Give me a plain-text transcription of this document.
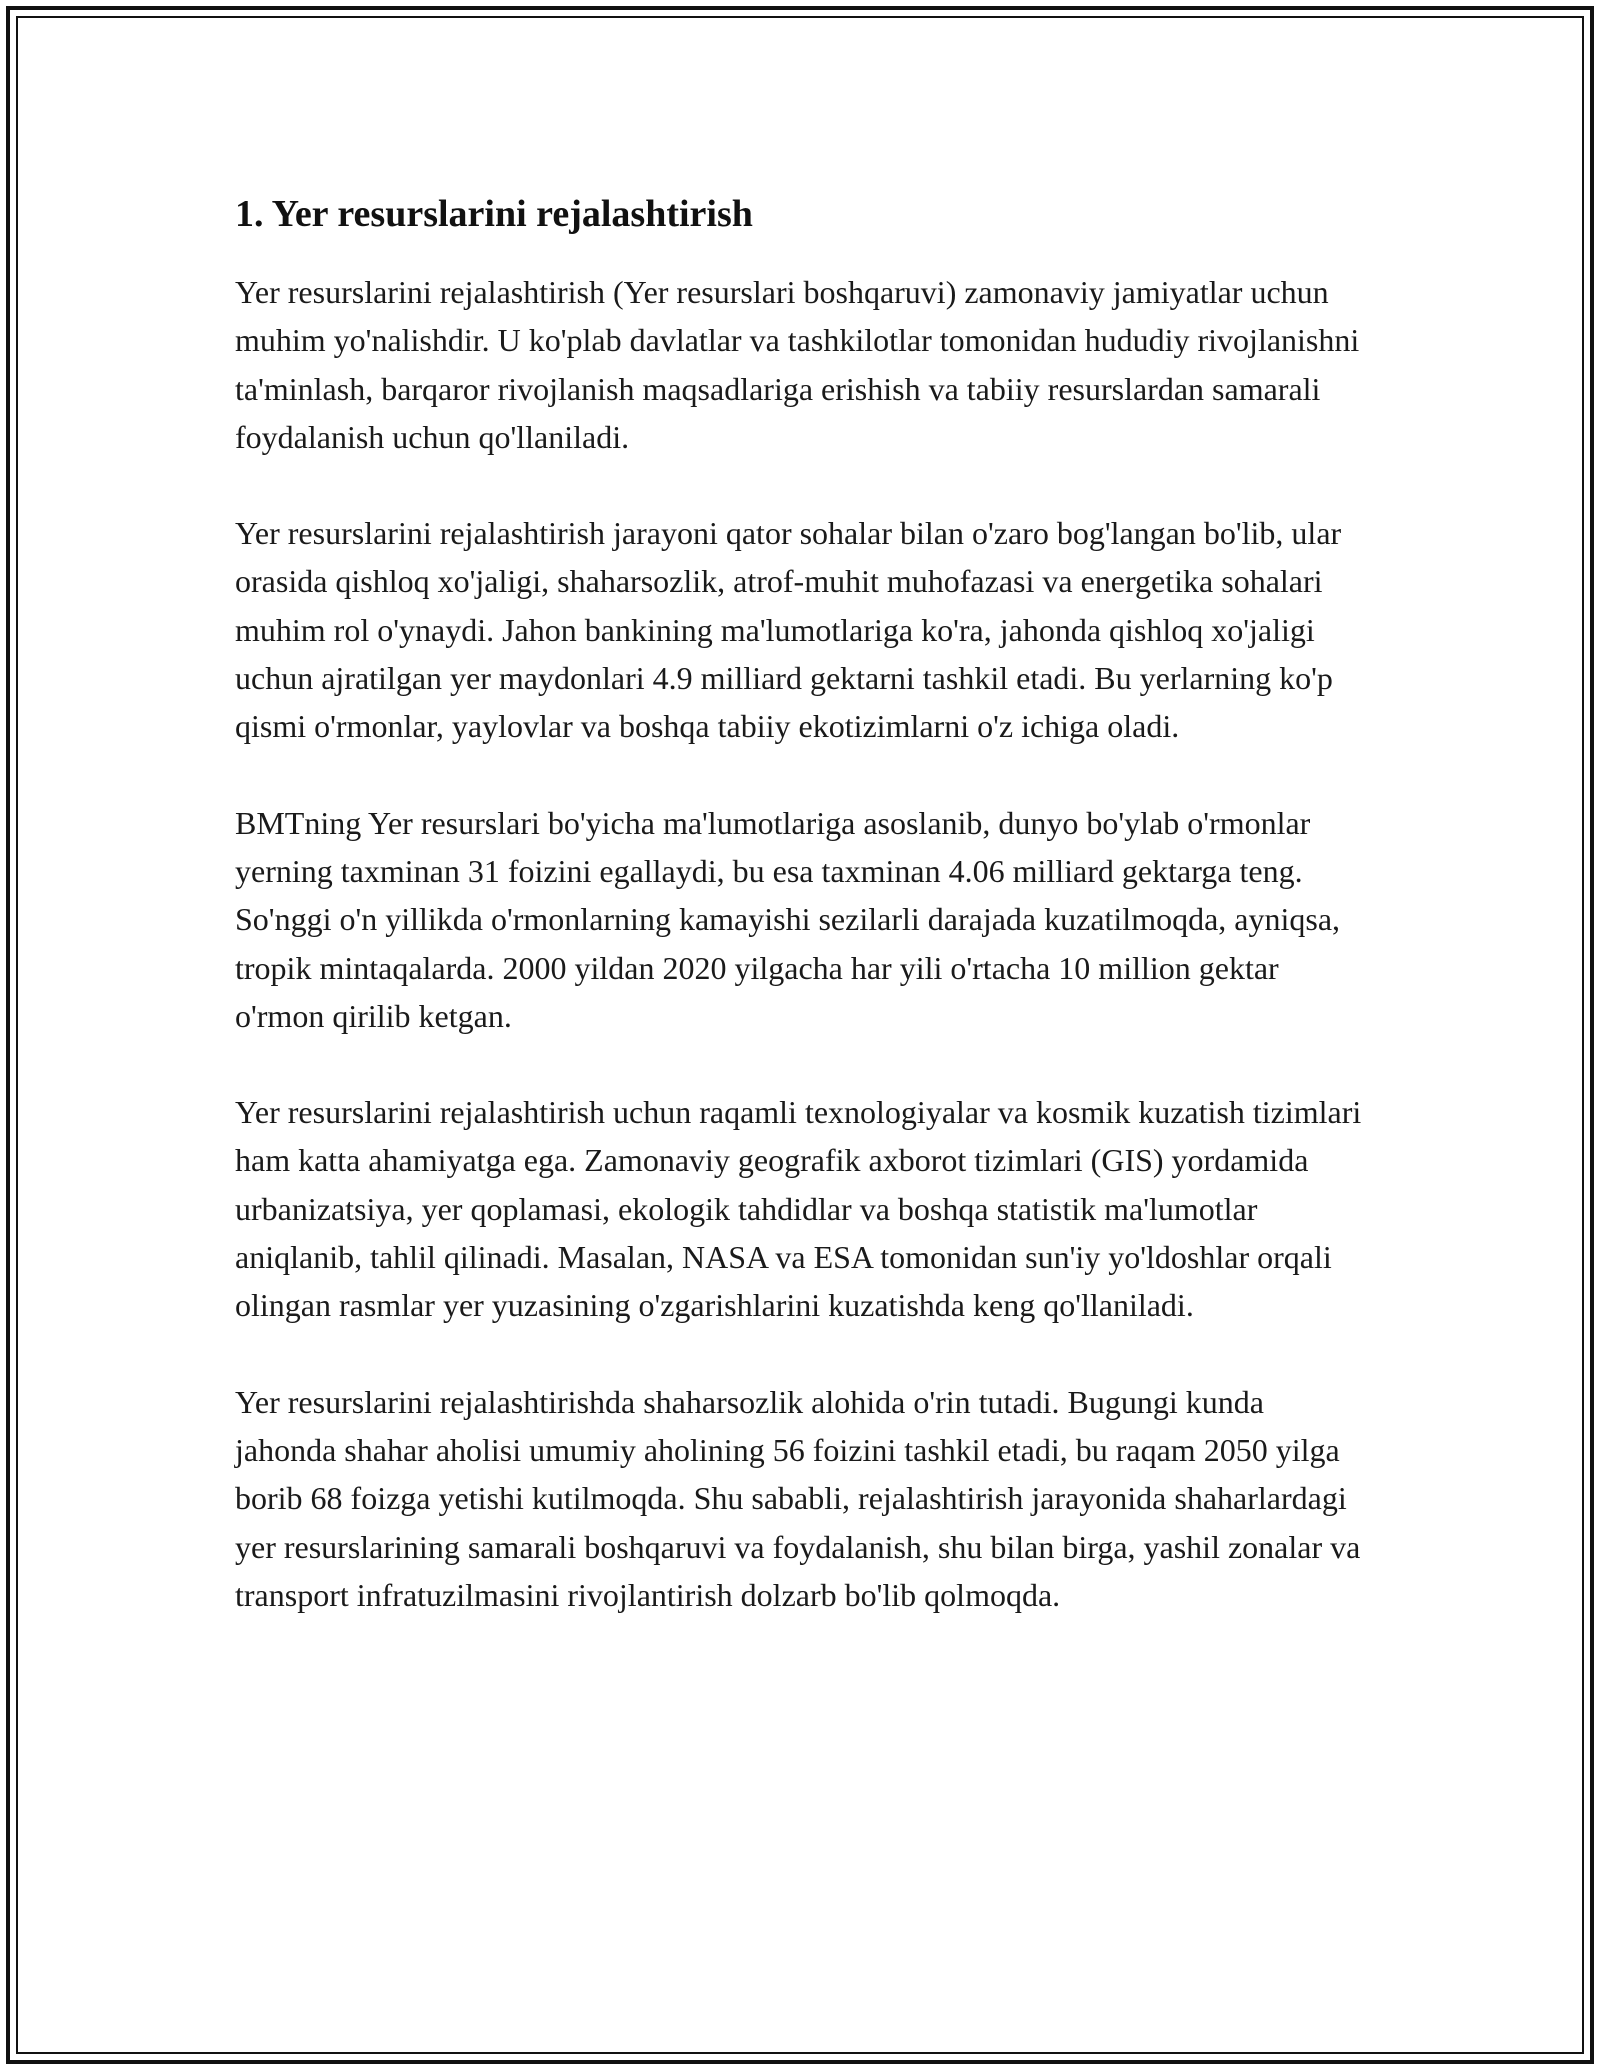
1. Yer resurslarini rejalashtirish

Yer resurslarini rejalashtirish (Yer resurslari boshqaruvi) zamonaviy jamiyatlar uchun muhim yo'nalishdir. U ko'plab davlatlar va tashkilotlar tomonidan hududiy rivojlanishni ta'minlash, barqaror rivojlanish maqsadlariga erishish va tabiiy resurslardan samarali foydalanish uchun qo'llaniladi.

Yer resurslarini rejalashtirish jarayoni qator sohalar bilan o'zaro bog'langan bo'lib, ular orasida qishloq xo'jaligi, shaharsozlik, atrof-muhit muhofazasi va energetika sohalari muhim rol o'ynaydi. Jahon bankining ma'lumotlariga ko'ra, jahonda qishloq xo'jaligi uchun ajratilgan yer maydonlari 4.9 milliard gektarni tashkil etadi. Bu yerlarning ko'p qismi o'rmonlar, yaylovlar va boshqa tabiiy ekotizimlarni o'z ichiga oladi.

BMTning Yer resurslari bo'yicha ma'lumotlariga asoslanib, dunyo bo'ylab o'rmonlar yerning taxminan 31 foizini egallaydi, bu esa taxminan 4.06 milliard gektarga teng. So'nggi o'n yillikda o'rmonlarning kamayishi sezilarli darajada kuzatilmoqda, ayniqsa, tropik mintaqalarda. 2000 yildan 2020 yilgacha har yili o'rtacha 10 million gektar o'rmon qirilib ketgan.

Yer resurslarini rejalashtirish uchun raqamli texnologiyalar va kosmik kuzatish tizimlari ham katta ahamiyatga ega. Zamonaviy geografik axborot tizimlari (GIS) yordamida urbanizatsiya, yer qoplamasi, ekologik tahdidlar va boshqa statistik ma'lumotlar aniqlanib, tahlil qilinadi. Masalan, NASA va ESA tomonidan sun'iy yo'ldoshlar orqali olingan rasmlar yer yuzasining o'zgarishlarini kuzatishda keng qo'llaniladi.

Yer resurslarini rejalashtirishda shaharsozlik alohida o'rin tutadi. Bugungi kunda jahonda shahar aholisi umumiy aholining 56 foizini tashkil etadi, bu raqam 2050 yilga borib 68 foizga yetishi kutilmoqda. Shu sababli, rejalashtirish jarayonida shaharlardagi yer resurslarining samarali boshqaruvi va foydalanish, shu bilan birga, yashil zonalar va transport infratuzilmasini rivojlantirish dolzarb bo'lib qolmoqda.
